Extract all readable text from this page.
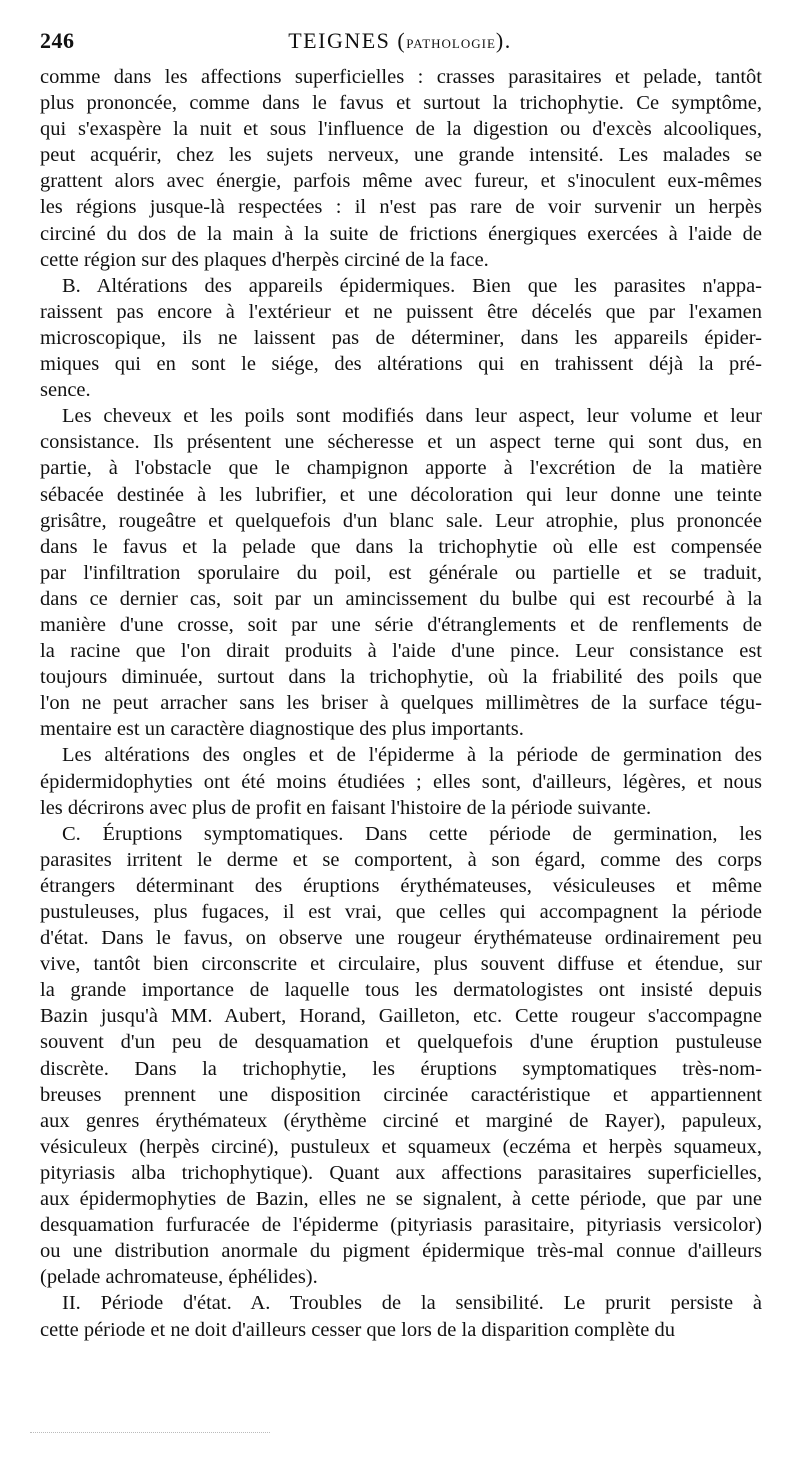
246	TEIGNES (PATHOLOGIE).
comme dans les affections superficielles : crasses parasitaires et pelade, tantôt
plus prononcée, comme dans le favus et surtout la trichophytie. Ce symptôme,
qui s'exaspère la nuit et sous l'influence de la digestion ou d'excès alcooliques,
peut acquérir, chez les sujets nerveux, une grande intensité. Les malades se
grattent alors avec énergie, parfois même avec fureur, et s'inoculent eux-mêmes
les régions jusque-là respectées : il n'est pas rare de voir survenir un herpès
circiné du dos de la main à la suite de frictions énergiques exercées à l'aide de
cette région sur des plaques d'herpès circiné de la face.
B. Altérations des appareils épidermiques. Bien que les parasites n'appa-
raissent pas encore à l'extérieur et ne puissent être décelés que par l'examen
microscopique, ils ne laissent pas de déterminer, dans les appareils épider-
miques qui en sont le siége, des altérations qui en trahissent déjà la pré-
sence.
Les cheveux et les poils sont modifiés dans leur aspect, leur volume et leur
consistance. Ils présentent une sécheresse et un aspect terne qui sont dus, en
partie, à l'obstacle que le champignon apporte à l'excrétion de la matière
sébacée destinée à les lubrifier, et une décoloration qui leur donne une teinte
grisâtre, rougeâtre et quelquefois d'un blanc sale. Leur atrophie, plus prononcée
dans le favus et la pelade que dans la trichophytie où elle est compensée
par l'infiltration sporulaire du poil, est générale ou partielle et se traduit,
dans ce dernier cas, soit par un amincissement du bulbe qui est recourbé à la
manière d'une crosse, soit par une série d'étranglements et de renflements de
la racine que l'on dirait produits à l'aide d'une pince. Leur consistance est
toujours diminuée, surtout dans la trichophytie, où la friabilité des poils que
l'on ne peut arracher sans les briser à quelques millimètres de la surface tégu-
mentaire est un caractère diagnostique des plus importants.
Les altérations des ongles et de l'épiderme à la période de germination des
épidermidophyties ont été moins étudiées ; elles sont, d'ailleurs, légères, et nous
les décrirons avec plus de profit en faisant l'histoire de la période suivante.
C. Éruptions symptomatiques. Dans cette période de germination, les
parasites irritent le derme et se comportent, à son égard, comme des corps
étrangers déterminant des éruptions érythémateuses, vésiculeuses et même
pustuleuses, plus fugaces, il est vrai, que celles qui accompagnent la période
d'état. Dans le favus, on observe une rougeur érythémateuse ordinairement peu
vive, tantôt bien circonscrite et circulaire, plus souvent diffuse et étendue, sur
la grande importance de laquelle tous les dermatologistes ont insisté depuis
Bazin jusqu'à MM. Aubert, Horand, Gailleton, etc. Cette rougeur s'accompagne
souvent d'un peu de desquamation et quelquefois d'une éruption pustuleuse
discrète. Dans la trichophytie, les éruptions symptomatiques très-nom-
breuses prennent une disposition circinée caractéristique et appartiennent
aux genres érythémateux (érythème circiné et marginé de Rayer), papuleux,
vésiculeux (herpès circiné), pustuleux et squameux (eczéma et herpès squameux,
pityriasis alba trichophytique). Quant aux affections parasitaires superficielles,
aux épidermophyties de Bazin, elles ne se signalent, à cette période, que par une
desquamation furfuracée de l'épiderme (pityriasis parasitaire, pityriasis versicolor)
ou une distribution anormale du pigment épidermique très-mal connue d'ailleurs
(pelade achromateuse, éphélides).
II. Période d'état. A. Troubles de la sensibilité. Le prurit persiste à
cette période et ne doit d'ailleurs cesser que lors de la disparition complète du
